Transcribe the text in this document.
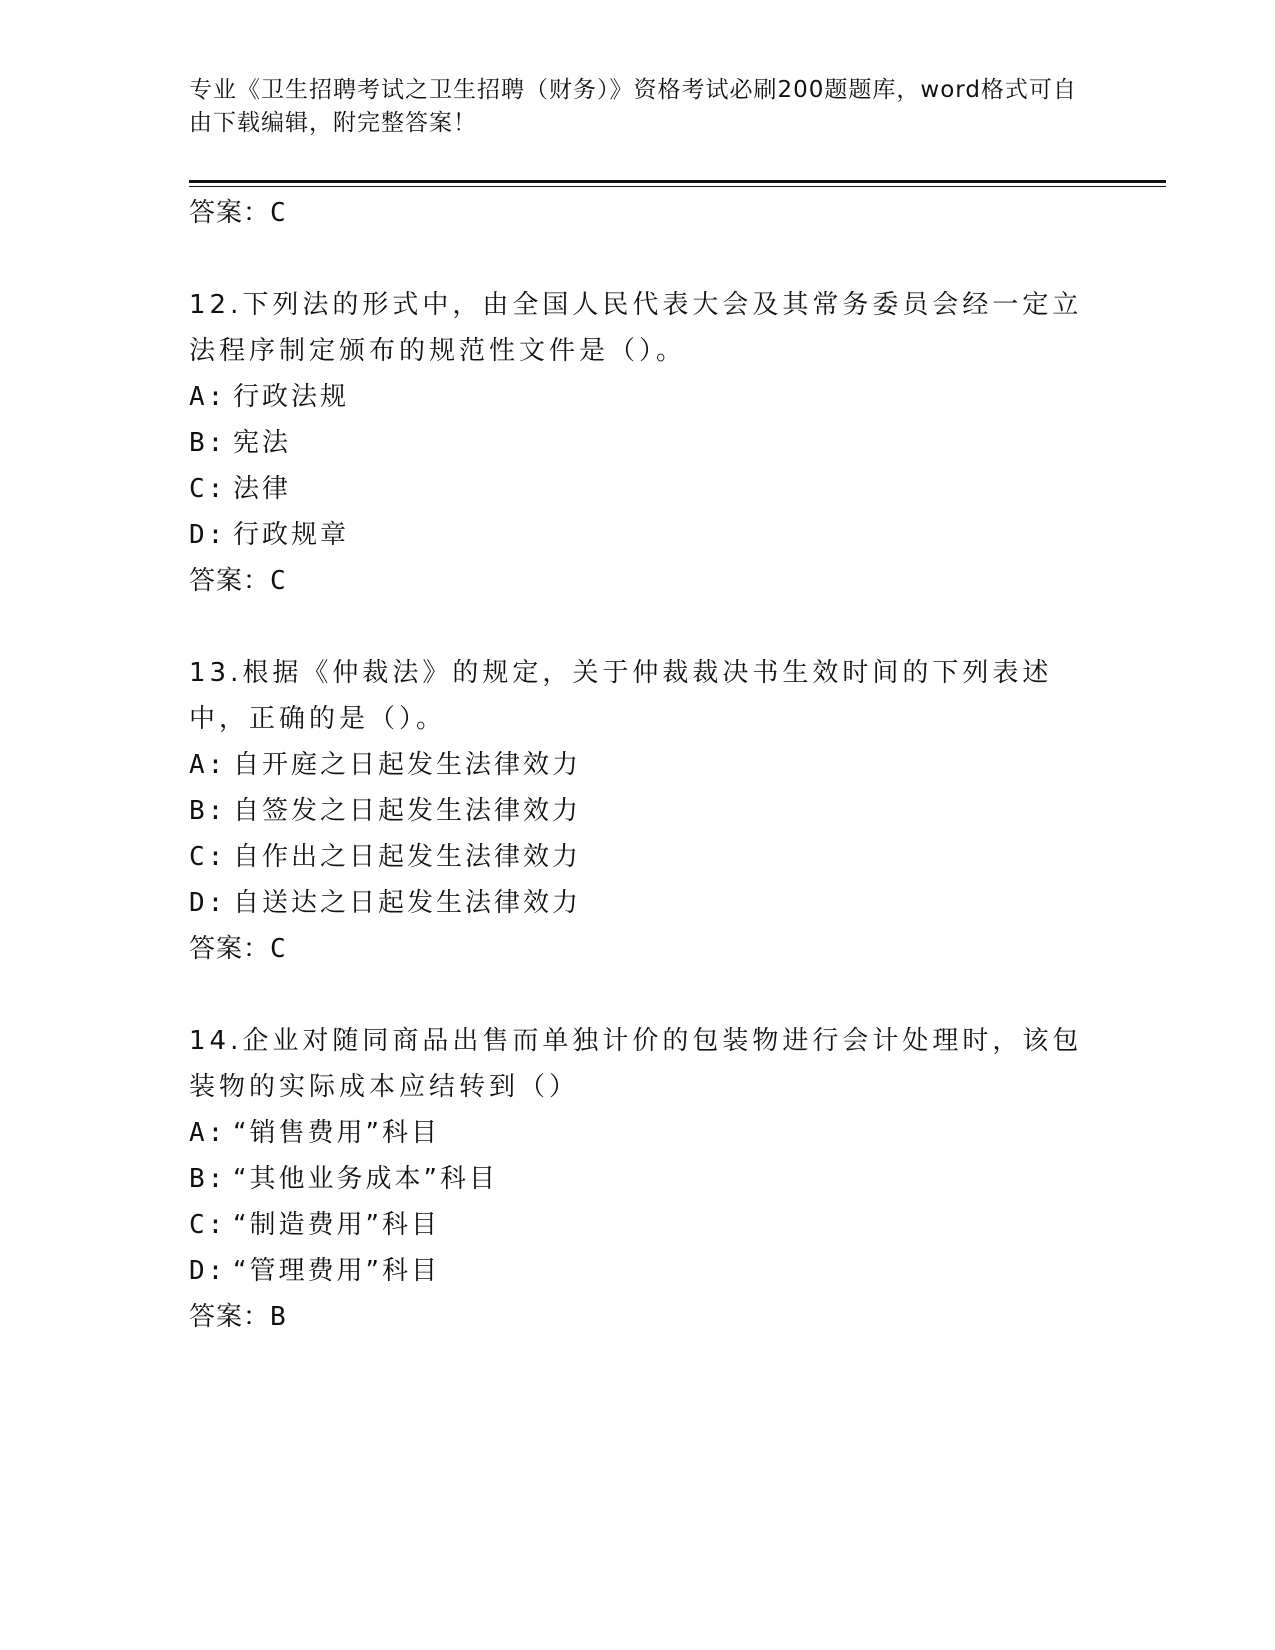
专业《卫生招聘考试之卫生招聘（财务）》资格考试必刷200题题库，word格式可自由下载编辑，附完整答案！
答案：C
12.下列法的形式中，由全国人民代表大会及其常务委员会经一定立法程序制定颁布的规范性文件是（）。
A: 行政法规
B: 宪法
C: 法律
D: 行政规章
答案：C
13.根据《仲裁法》的规定，关于仲裁裁决书生效时间的下列表述中，正确的是（）。
A: 自开庭之日起发生法律效力
B: 自签发之日起发生法律效力
C: 自作出之日起发生法律效力
D: 自送达之日起发生法律效力
答案：C
14.企业对随同商品出售而单独计价的包装物进行会计处理时，该包装物的实际成本应结转到（）
A: “销售费用”科目
B: “其他业务成本”科目
C: “制造费用”科目
D: “管理费用”科目
答案：B
